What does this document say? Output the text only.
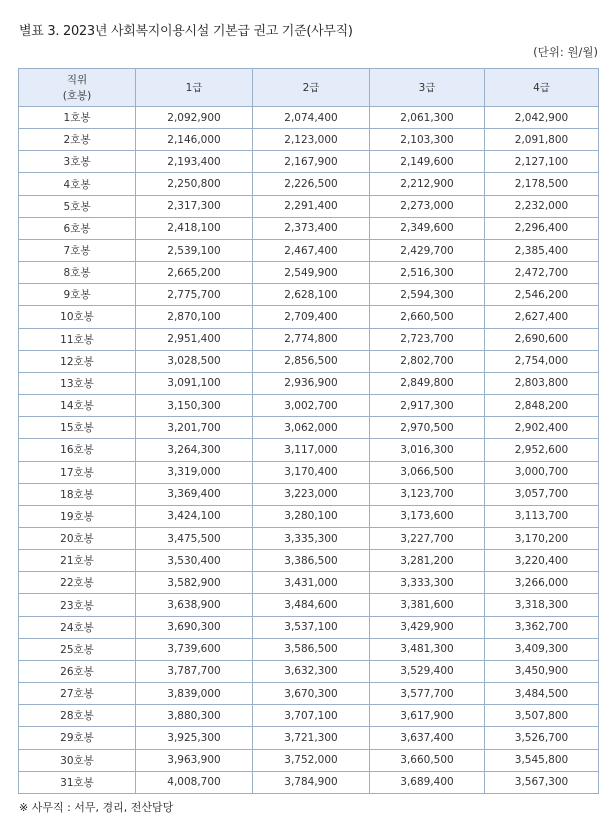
별표 3. 2023년 사회복지이용시설 기본급 권고 기준(사무직)
(단위: 원/월)
직위
(호봉)	1급	2급	3급	4급
1호봉	2,092,900	2,074,400	2,061,300	2,042,900
2호봉	2,146,000	2,123,000	2,103,300	2,091,800
3호봉	2,193,400	2,167,900	2,149,600	2,127,100
4호봉	2,250,800	2,226,500	2,212,900	2,178,500
5호봉	2,317,300	2,291,400	2,273,000	2,232,000
6호봉	2,418,100	2,373,400	2,349,600	2,296,400
7호봉	2,539,100	2,467,400	2,429,700	2,385,400
8호봉	2,665,200	2,549,900	2,516,300	2,472,700
9호봉	2,775,700	2,628,100	2,594,300	2,546,200
10호봉	2,870,100	2,709,400	2,660,500	2,627,400
11호봉	2,951,400	2,774,800	2,723,700	2,690,600
12호봉	3,028,500	2,856,500	2,802,700	2,754,000
13호봉	3,091,100	2,936,900	2,849,800	2,803,800
14호봉	3,150,300	3,002,700	2,917,300	2,848,200
15호봉	3,201,700	3,062,000	2,970,500	2,902,400
16호봉	3,264,300	3,117,000	3,016,300	2,952,600
17호봉	3,319,000	3,170,400	3,066,500	3,000,700
18호봉	3,369,400	3,223,000	3,123,700	3,057,700
19호봉	3,424,100	3,280,100	3,173,600	3,113,700
20호봉	3,475,500	3,335,300	3,227,700	3,170,200
21호봉	3,530,400	3,386,500	3,281,200	3,220,400
22호봉	3,582,900	3,431,000	3,333,300	3,266,000
23호봉	3,638,900	3,484,600	3,381,600	3,318,300
24호봉	3,690,300	3,537,100	3,429,900	3,362,700
25호봉	3,739,600	3,586,500	3,481,300	3,409,300
26호봉	3,787,700	3,632,300	3,529,400	3,450,900
27호봉	3,839,000	3,670,300	3,577,700	3,484,500
28호봉	3,880,300	3,707,100	3,617,900	3,507,800
29호봉	3,925,300	3,721,300	3,637,400	3,526,700
30호봉	3,963,900	3,752,000	3,660,500	3,545,800
31호봉	4,008,700	3,784,900	3,689,400	3,567,300
※ 사무직 : 서무, 경리, 전산담당
